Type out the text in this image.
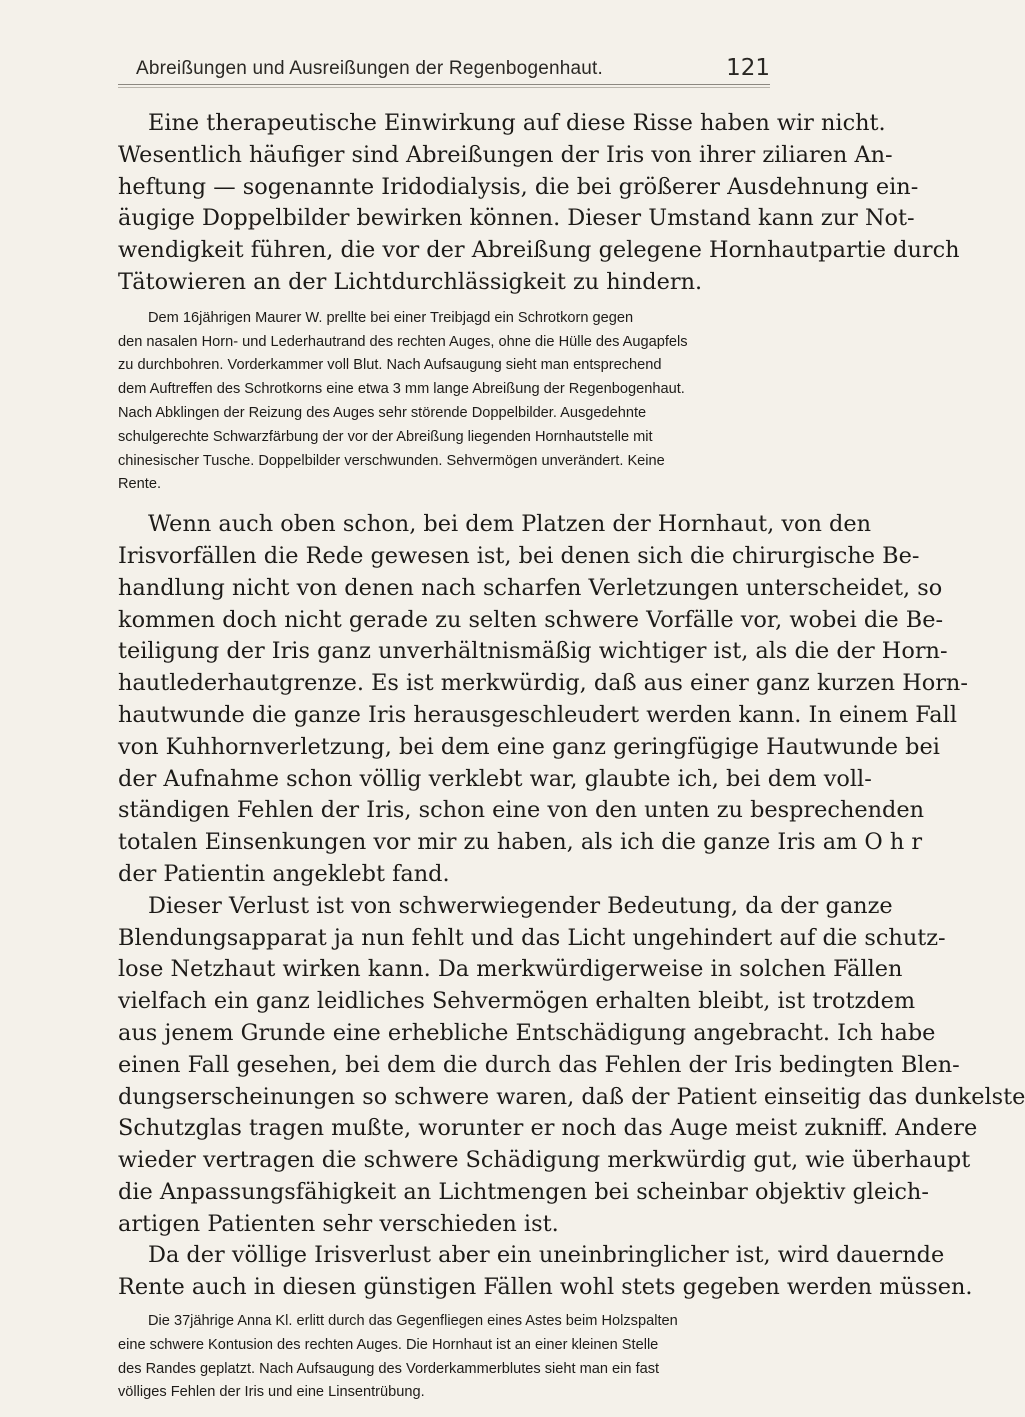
Abreißungen und Ausreißungen der Regenbogenhaut.	121
Eine therapeutische Einwirkung auf diese Risse haben wir nicht.
Wesentlich häufiger sind Abreißungen der Iris von ihrer ziliaren An-
heftung — sogenannte Iridodialysis, die bei größerer Ausdehnung ein-
äugige Doppelbilder bewirken können. Dieser Umstand kann zur Not-
wendigkeit führen, die vor der Abreißung gelegene Hornhautpartie durch
Tätowieren an der Lichtdurchlässigkeit zu hindern.
Dem 16jährigen Maurer W. prellte bei einer Treibjagd ein Schrotkorn gegen
den nasalen Horn- und Lederhautrand des rechten Auges, ohne die Hülle des Augapfels
zu durchbohren. Vorderkammer voll Blut. Nach Aufsaugung sieht man entsprechend
dem Auftreffen des Schrotkorns eine etwa 3 mm lange Abreißung der Regenbogenhaut.
Nach Abklingen der Reizung des Auges sehr störende Doppelbilder. Ausgedehnte
schulgerechte Schwarzfärbung der vor der Abreißung liegenden Hornhautstelle mit
chinesischer Tusche. Doppelbilder verschwunden. Sehvermögen unverändert. Keine
Rente.
Wenn auch oben schon, bei dem Platzen der Hornhaut, von den
Irisvorfällen die Rede gewesen ist, bei denen sich die chirurgische Be-
handlung nicht von denen nach scharfen Verletzungen unterscheidet, so
kommen doch nicht gerade zu selten schwere Vorfälle vor, wobei die Be-
teiligung der Iris ganz unverhältnismäßig wichtiger ist, als die der Horn-
hautlederhautgrenze. Es ist merkwürdig, daß aus einer ganz kurzen Horn-
hautwunde die ganze Iris herausgeschleudert werden kann. In einem Fall
von Kuhhornverletzung, bei dem eine ganz geringfügige Hautwunde bei
der Aufnahme schon völlig verklebt war, glaubte ich, bei dem voll-
ständigen Fehlen der Iris, schon eine von den unten zu besprechenden
totalen Einsenkungen vor mir zu haben, als ich die ganze Iris am O h r
der Patientin angeklebt fand.
Dieser Verlust ist von schwerwiegender Bedeutung, da der ganze
Blendungsapparat ja nun fehlt und das Licht ungehindert auf die schutz-
lose Netzhaut wirken kann. Da merkwürdigerweise in solchen Fällen
vielfach ein ganz leidliches Sehvermögen erhalten bleibt, ist trotzdem
aus jenem Grunde eine erhebliche Entschädigung angebracht. Ich habe
einen Fall gesehen, bei dem die durch das Fehlen der Iris bedingten Blen-
dungserscheinungen so schwere waren, daß der Patient einseitig das dunkelste
Schutzglas tragen mußte, worunter er noch das Auge meist zukniff. Andere
wieder vertragen die schwere Schädigung merkwürdig gut, wie überhaupt
die Anpassungsfähigkeit an Lichtmengen bei scheinbar objektiv gleich-
artigen Patienten sehr verschieden ist.
Da der völlige Irisverlust aber ein uneinbringlicher ist, wird dauernde
Rente auch in diesen günstigen Fällen wohl stets gegeben werden müssen.
Die 37jährige Anna Kl. erlitt durch das Gegenfliegen eines Astes beim Holzspalten
eine schwere Kontusion des rechten Auges. Die Hornhaut ist an einer kleinen Stelle
des Randes geplatzt. Nach Aufsaugung des Vorderkammerblutes sieht man ein fast
völliges Fehlen der Iris und eine Linsentrübung.
